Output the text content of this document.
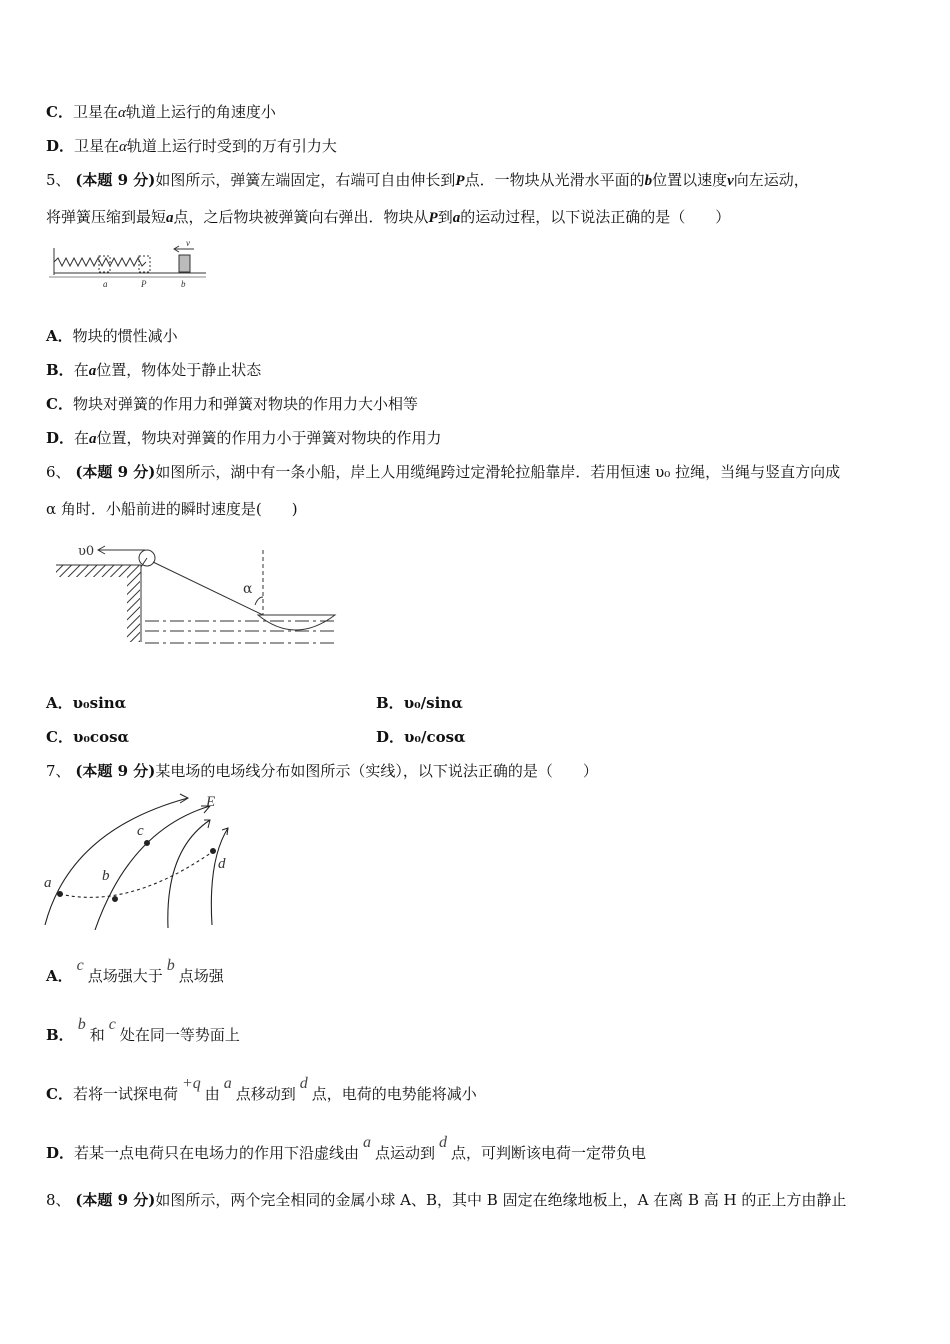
C．卫星在α轨道上运行的角速度小
D．卫星在α轨道上运行时受到的万有引力大
5、 (本题 9 分)如图所示，弹簧左端固定，右端可自由伸长到P点．一物块从光滑水平面的b位置以速度v向左运动，
将弹簧压缩到最短a点，之后物块被弹簧向右弹出．物块从P到a的运动过程，以下说法正确的是（　　）
a	P	b
v
A．物块的惯性减小
B．在a位置，物体处于静止状态
C．物块对弹簧的作用力和弹簧对物块的作用力大小相等
D．在a位置，物块对弹簧的作用力小于弹簧对物块的作用力
6、 (本题 9 分)如图所示，湖中有一条小船，岸上人用缆绳跨过定滑轮拉船靠岸．若用恒速 υ₀ 拉绳，当绳与竖直方向成
α 角时．小船前进的瞬时速度是(　　)
υ0
α
A．υ₀sinα	B．υ₀/sinα
C．υ₀cosα	D．υ₀/cosα
7、 (本题 9 分)某电场的电场线分布如图所示（实线），以下说法正确的是（　　）
E
a	b
c
d
A．c点场强大于b点场强
B．b和c处在同一等势面上
C．若将一试探电荷+q由a点移动到d点，电荷的电势能将减小
D．若某一点电荷只在电场力的作用下沿虚线由a点运动到d点，可判断该电荷一定带负电
8、 (本题 9 分)如图所示，两个完全相同的金属小球 A、B，其中 B 固定在绝缘地板上，A 在离 B 高 H 的正上方由静止
